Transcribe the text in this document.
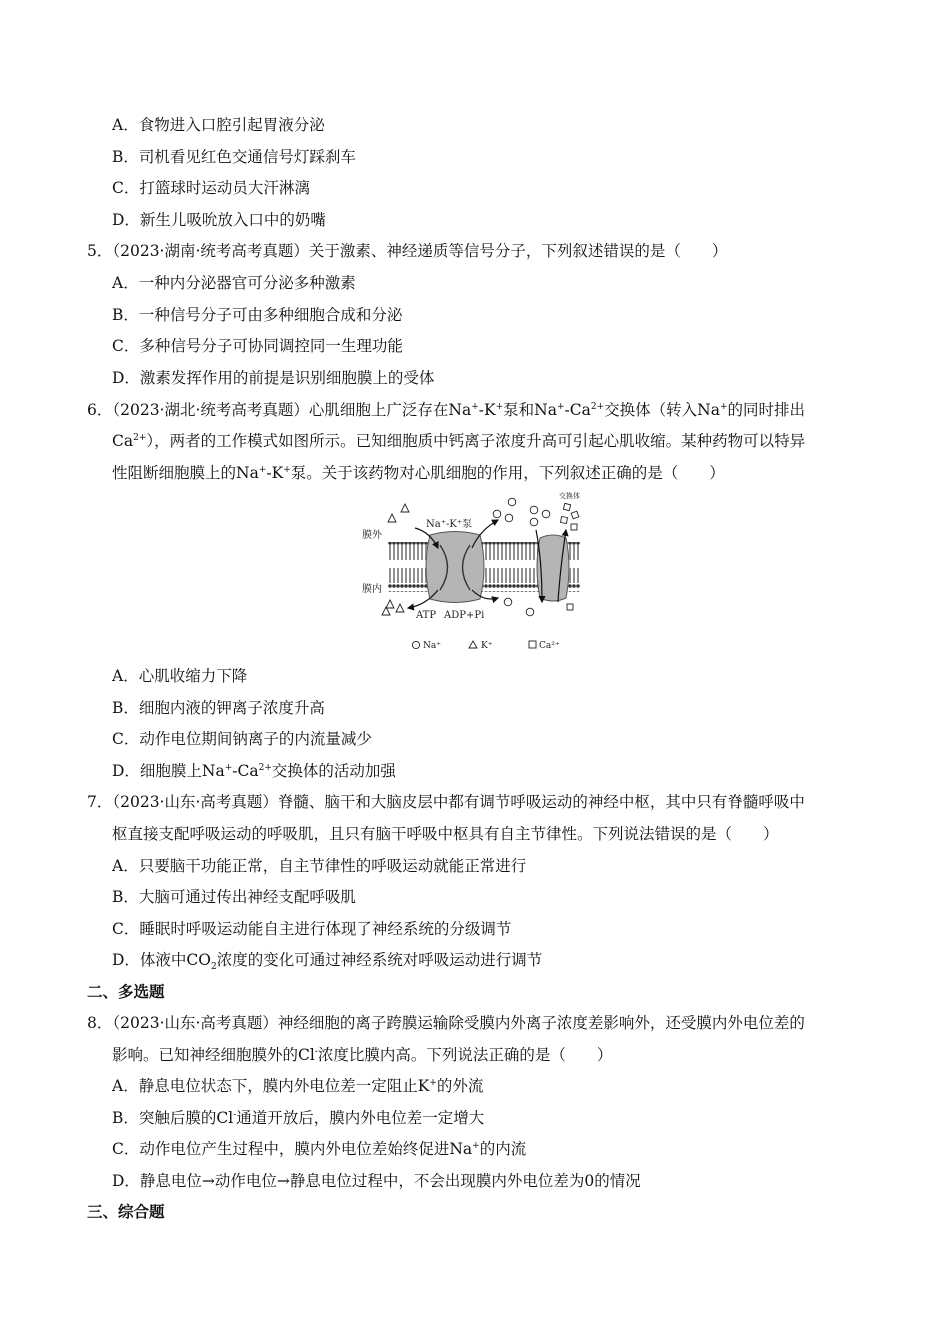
A．食物进入口腔引起胃液分泌
B．司机看见红色交通信号灯踩刹车
C．打篮球时运动员大汗淋漓
D．新生儿吸吮放入口中的奶嘴
5．（2023·湖南·统考高考真题）关于激素、神经递质等信号分子，下列叙述错误的是（　　）
A．一种内分泌器官可分泌多种激素
B．一种信号分子可由多种细胞合成和分泌
C．多种信号分子可协同调控同一生理功能
D．激素发挥作用的前提是识别细胞膜上的受体
6．（2023·湖北·统考高考真题）心肌细胞上广泛存在Na+-K+泵和$Na^+-Ca^{2+}$交换体（转入Na+的同时排出
$Ca^{2+}$），两者的工作模式如图所示。已知细胞质中钙离子浓度升高可引起心肌收缩。某种药物可以特异
性阻断细胞膜上的Na+-K+泵。关于该药物对心肌细胞的作用，下列叙述正确的是（　　）
膜外
膜内
Na⁺-K⁺泵
ATP ADP+Pi
交换体
Na⁺	K⁺	Ca²⁺
A．心肌收缩力下降
B．细胞内液的钾离子浓度升高
C．动作电位期间钠离子的内流量减少
D．细胞膜上$Na^+-Ca^{2+}$交换体的活动加强
7．（2023·山东·高考真题）脊髓、脑干和大脑皮层中都有调节呼吸运动的神经中枢，其中只有脊髓呼吸中
枢直接支配呼吸运动的呼吸肌，且只有脑干呼吸中枢具有自主节律性。下列说法错误的是（　　）
A．只要脑干功能正常，自主节律性的呼吸运动就能正常进行
B．大脑可通过传出神经支配呼吸肌
C．睡眠时呼吸运动能自主进行体现了神经系统的分级调节
D．体液中$CO_2$浓度的变化可通过神经系统对呼吸运动进行调节
二、多选题
8．（2023·山东·高考真题）神经细胞的离子跨膜运输除受膜内外离子浓度差影响外，还受膜内外电位差的
影响。已知神经细胞膜外的Cl-浓度比膜内高。下列说法正确的是（　　）
A．静息电位状态下，膜内外电位差一定阻止K+的外流
B．突触后膜的Cl-通道开放后，膜内外电位差一定增大
C．动作电位产生过程中，膜内外电位差始终促进Na+的内流
D．静息电位→动作电位→静息电位过程中，不会出现膜内外电位差为0的情况
三、综合题
